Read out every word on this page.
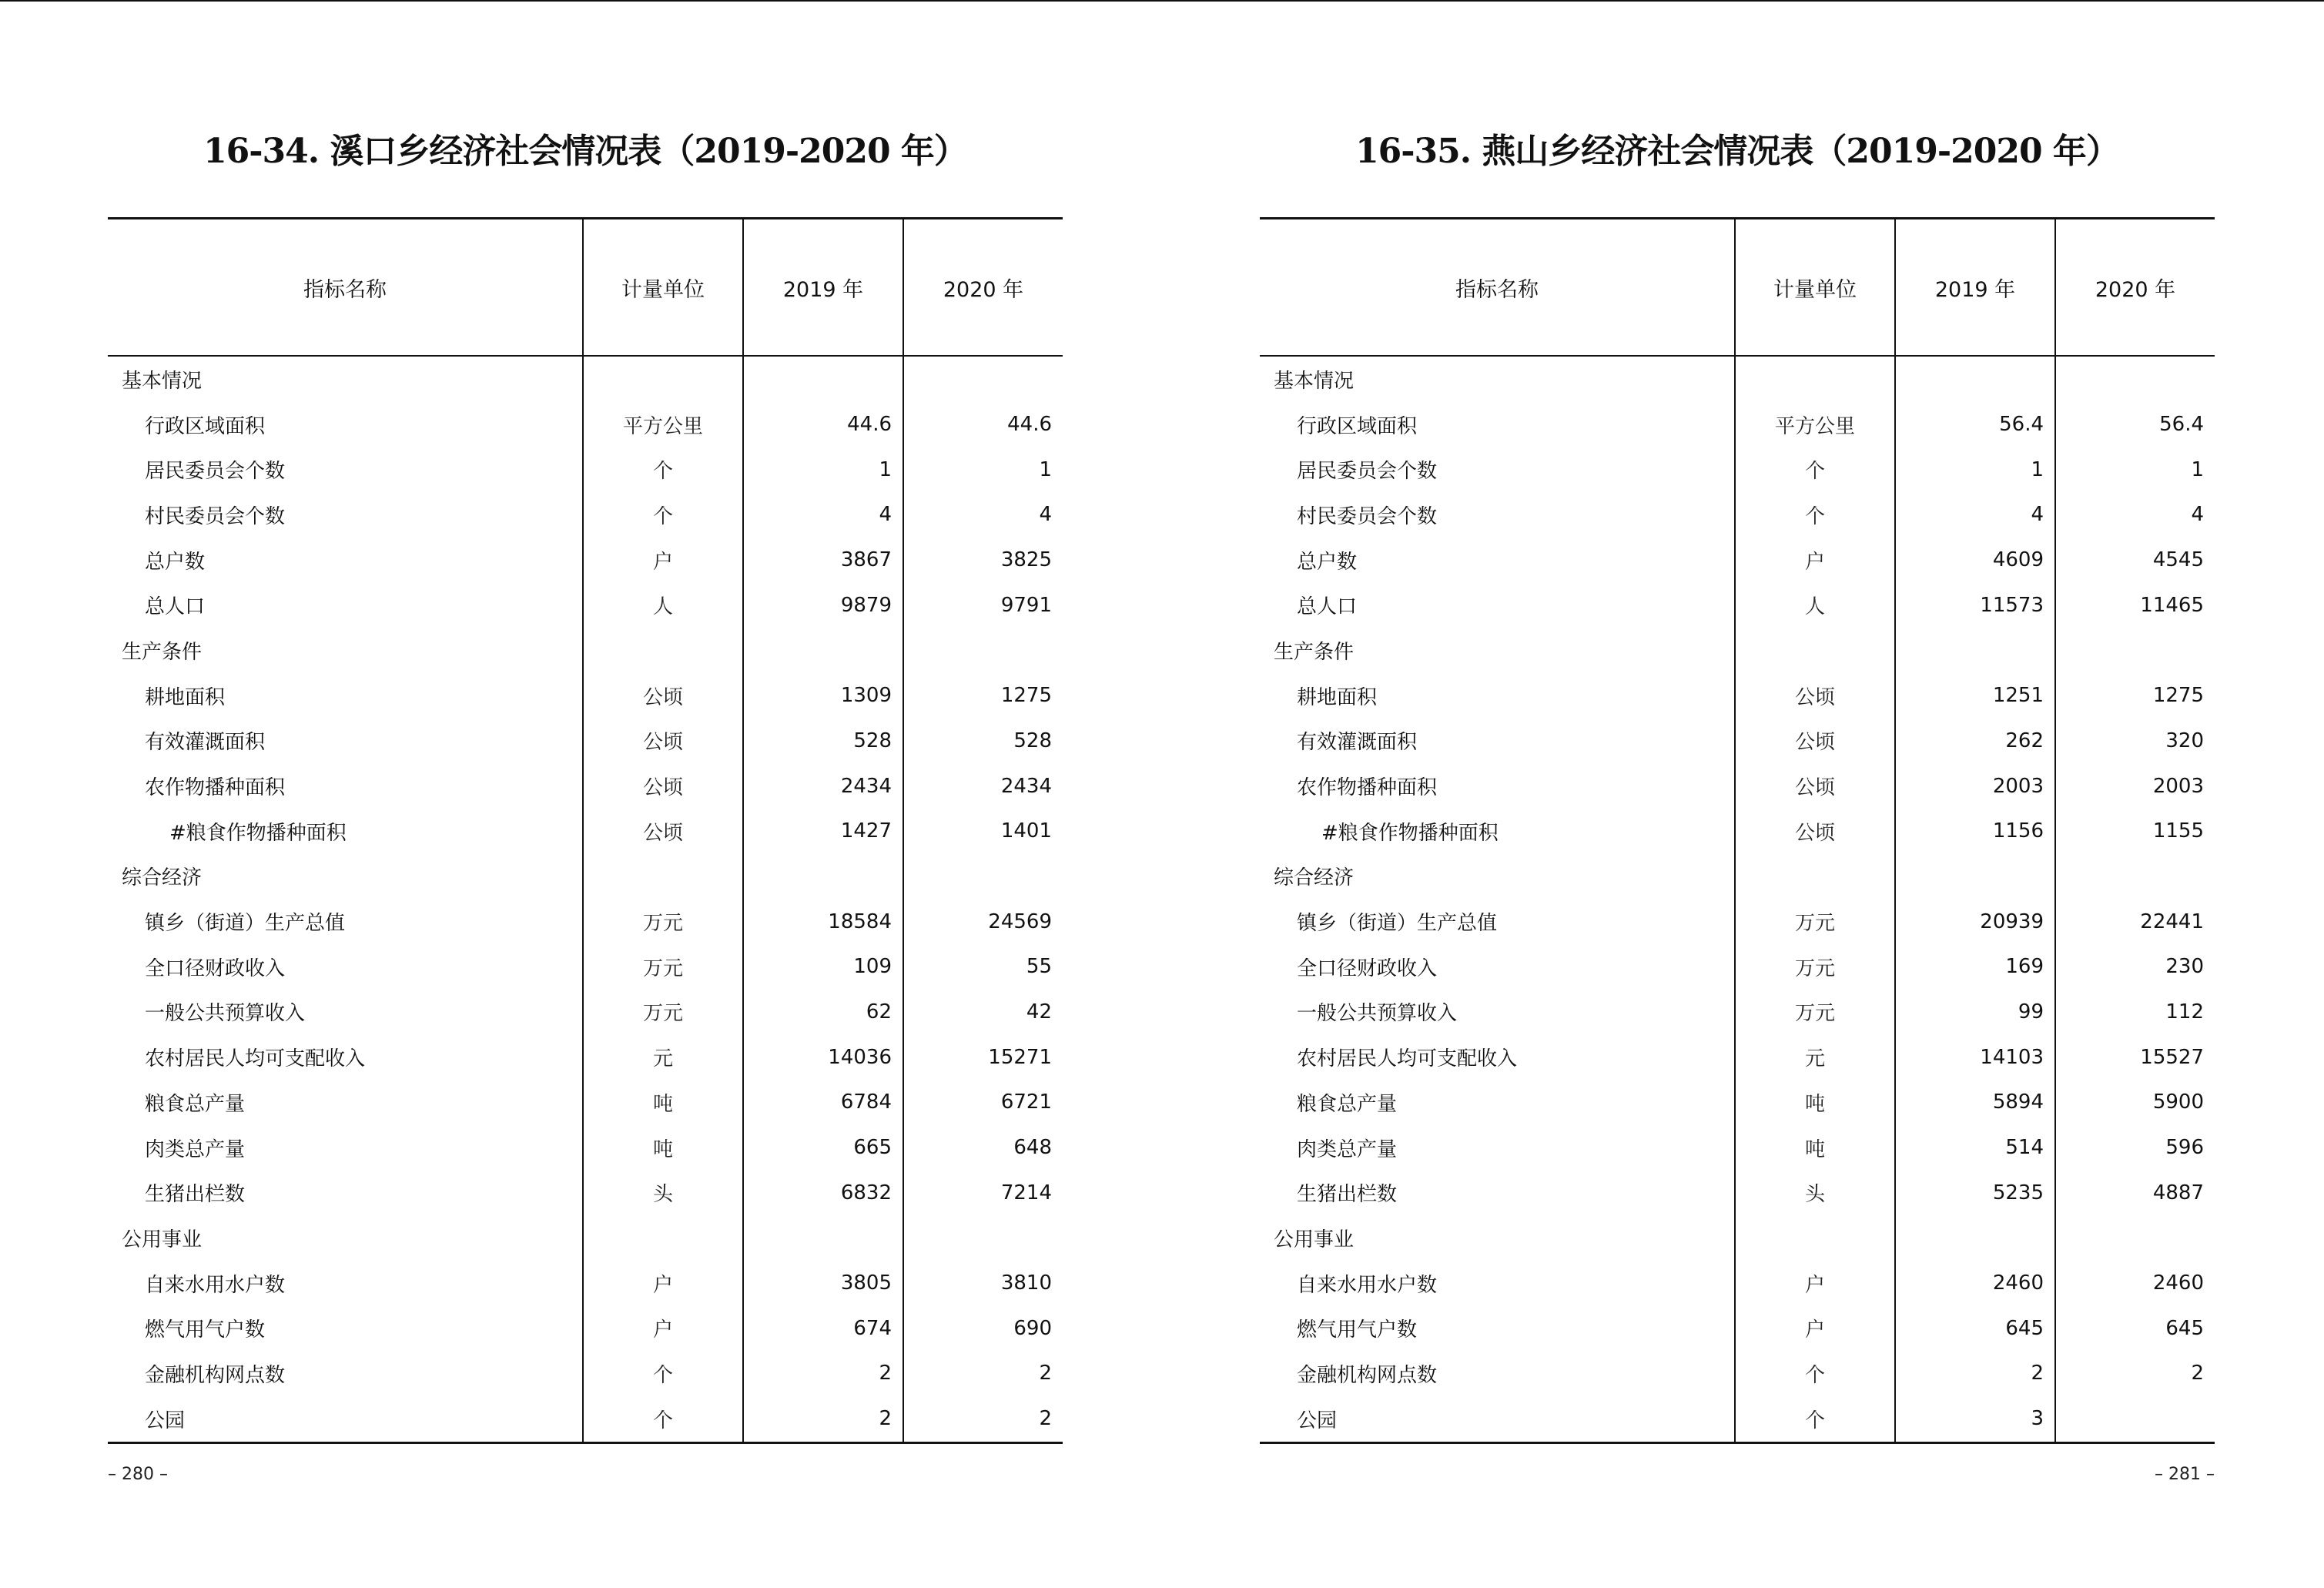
16-34. 溪口乡经济社会情况表（2019-2020 年）
指标名称	计量单位	2019 年	2020 年
基本情况			
行政区域面积	平方公里	44.6	44.6
居民委员会个数	个	1	1
村民委员会个数	个	4	4
总户数	户	3867	3825
总人口	人	9879	9791
生产条件			
耕地面积	公顷	1309	1275
有效灌溉面积	公顷	528	528
农作物播种面积	公顷	2434	2434
#粮食作物播种面积	公顷	1427	1401
综合经济			
镇乡（街道）生产总值	万元	18584	24569
全口径财政收入	万元	109	55
一般公共预算收入	万元	62	42
农村居民人均可支配收入	元	14036	15271
粮食总产量	吨	6784	6721
肉类总产量	吨	665	648
生猪出栏数	头	6832	7214
公用事业			
自来水用水户数	户	3805	3810
燃气用气户数	户	674	690
金融机构网点数	个	2	2
公园	个	2	2
– 280 –
16-35. 燕山乡经济社会情况表（2019-2020 年）
指标名称	计量单位	2019 年	2020 年
基本情况			
行政区域面积	平方公里	56.4	56.4
居民委员会个数	个	1	1
村民委员会个数	个	4	4
总户数	户	4609	4545
总人口	人	11573	11465
生产条件			
耕地面积	公顷	1251	1275
有效灌溉面积	公顷	262	320
农作物播种面积	公顷	2003	2003
#粮食作物播种面积	公顷	1156	1155
综合经济			
镇乡（街道）生产总值	万元	20939	22441
全口径财政收入	万元	169	230
一般公共预算收入	万元	99	112
农村居民人均可支配收入	元	14103	15527
粮食总产量	吨	5894	5900
肉类总产量	吨	514	596
生猪出栏数	头	5235	4887
公用事业			
自来水用水户数	户	2460	2460
燃气用气户数	户	645	645
金融机构网点数	个	2	2
公园	个	3	
– 281 –
